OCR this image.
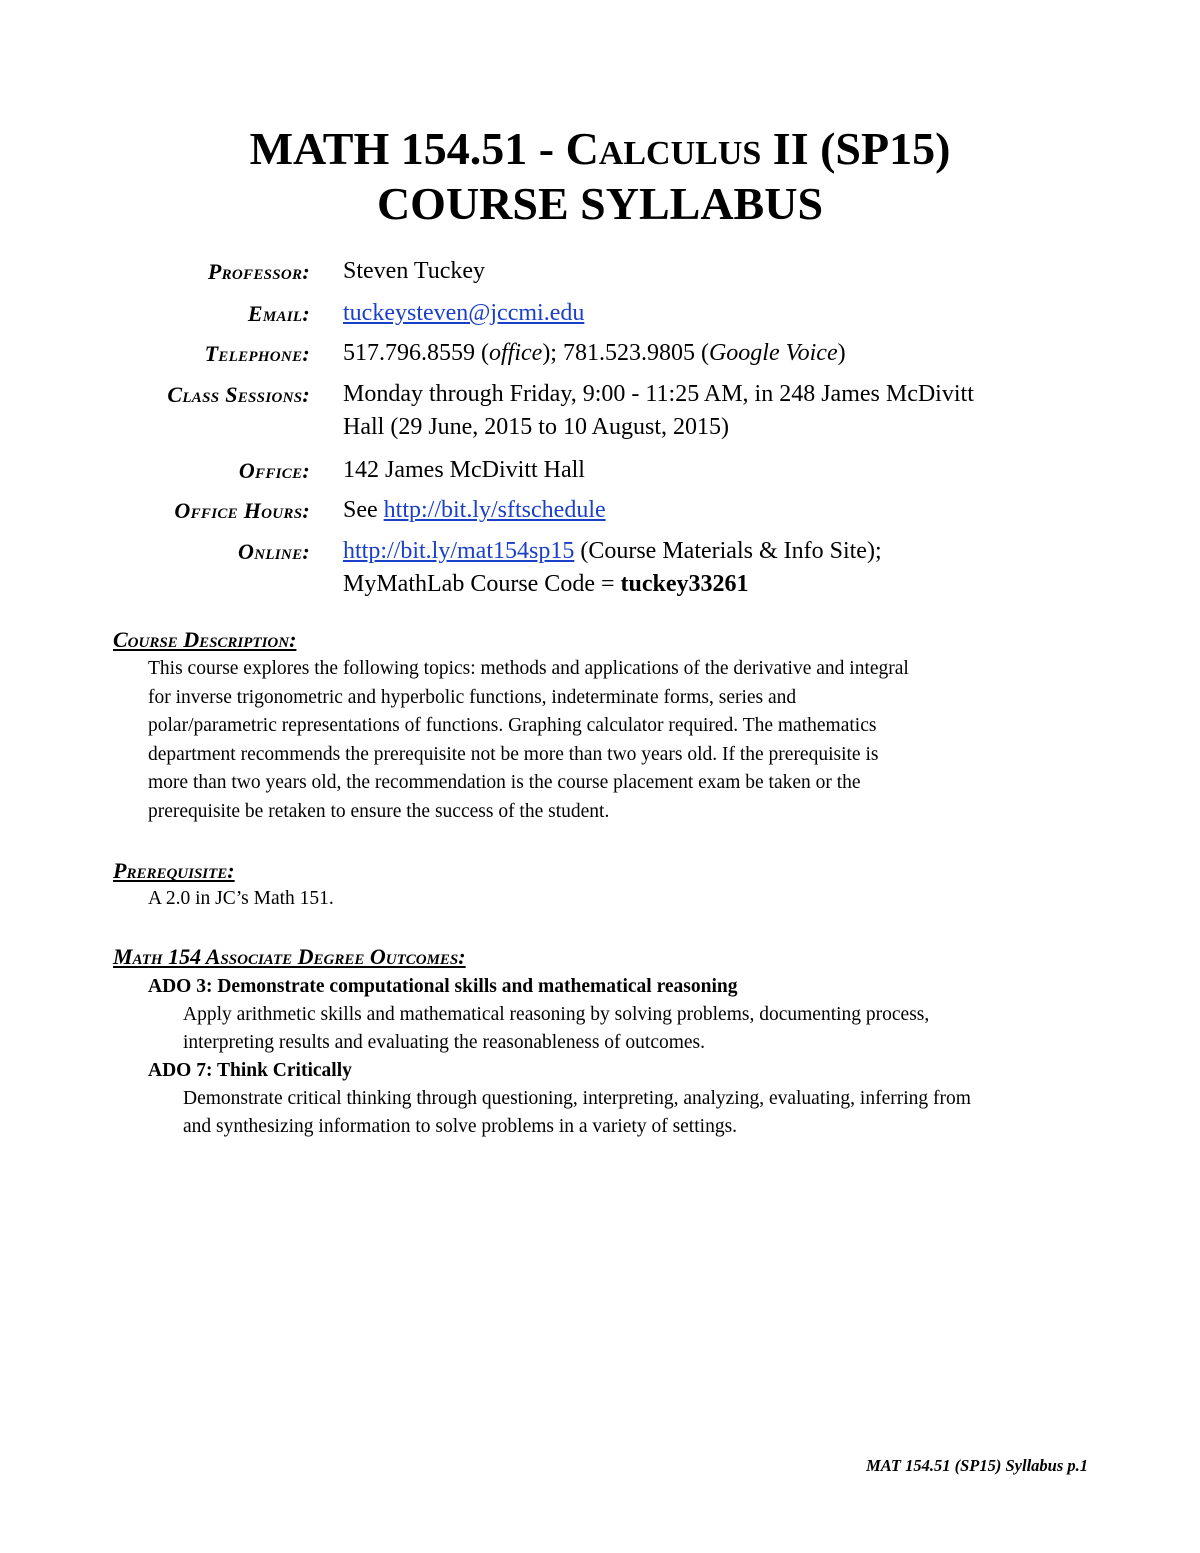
MATH 154.51 - CALCULUS II (SP15)
COURSE SYLLABUS
Professor: Steven Tuckey
Email: tuckeysteven@jccmi.edu
Telephone: 517.796.8559 (office); 781.523.9805 (Google Voice)
Class Sessions: Monday through Friday, 9:00 - 11:25 AM, in 248 James McDivitt
Hall (29 June, 2015 to 10 August, 2015)
Office: 142 James McDivitt Hall
Office Hours: See http://bit.ly/sftschedule
Online: http://bit.ly/mat154sp15 (Course Materials & Info Site);
MyMathLab Course Code = tuckey33261
Course Description:
This course explores the following topics: methods and applications of the derivative and integral
for inverse trigonometric and hyperbolic functions, indeterminate forms, series and
polar/parametric representations of functions. Graphing calculator required. The mathematics
department recommends the prerequisite not be more than two years old. If the prerequisite is
more than two years old, the recommendation is the course placement exam be taken or the
prerequisite be retaken to ensure the success of the student.
Prerequisite:
A 2.0 in JC’s Math 151.
Math 154 Associate Degree Outcomes:
ADO 3: Demonstrate computational skills and mathematical reasoning
Apply arithmetic skills and mathematical reasoning by solving problems, documenting process,
interpreting results and evaluating the reasonableness of outcomes.
ADO 7: Think Critically
Demonstrate critical thinking through questioning, interpreting, analyzing, evaluating, inferring from
and synthesizing information to solve problems in a variety of settings.
MAT 154.51 (SP15) Syllabus p.1
